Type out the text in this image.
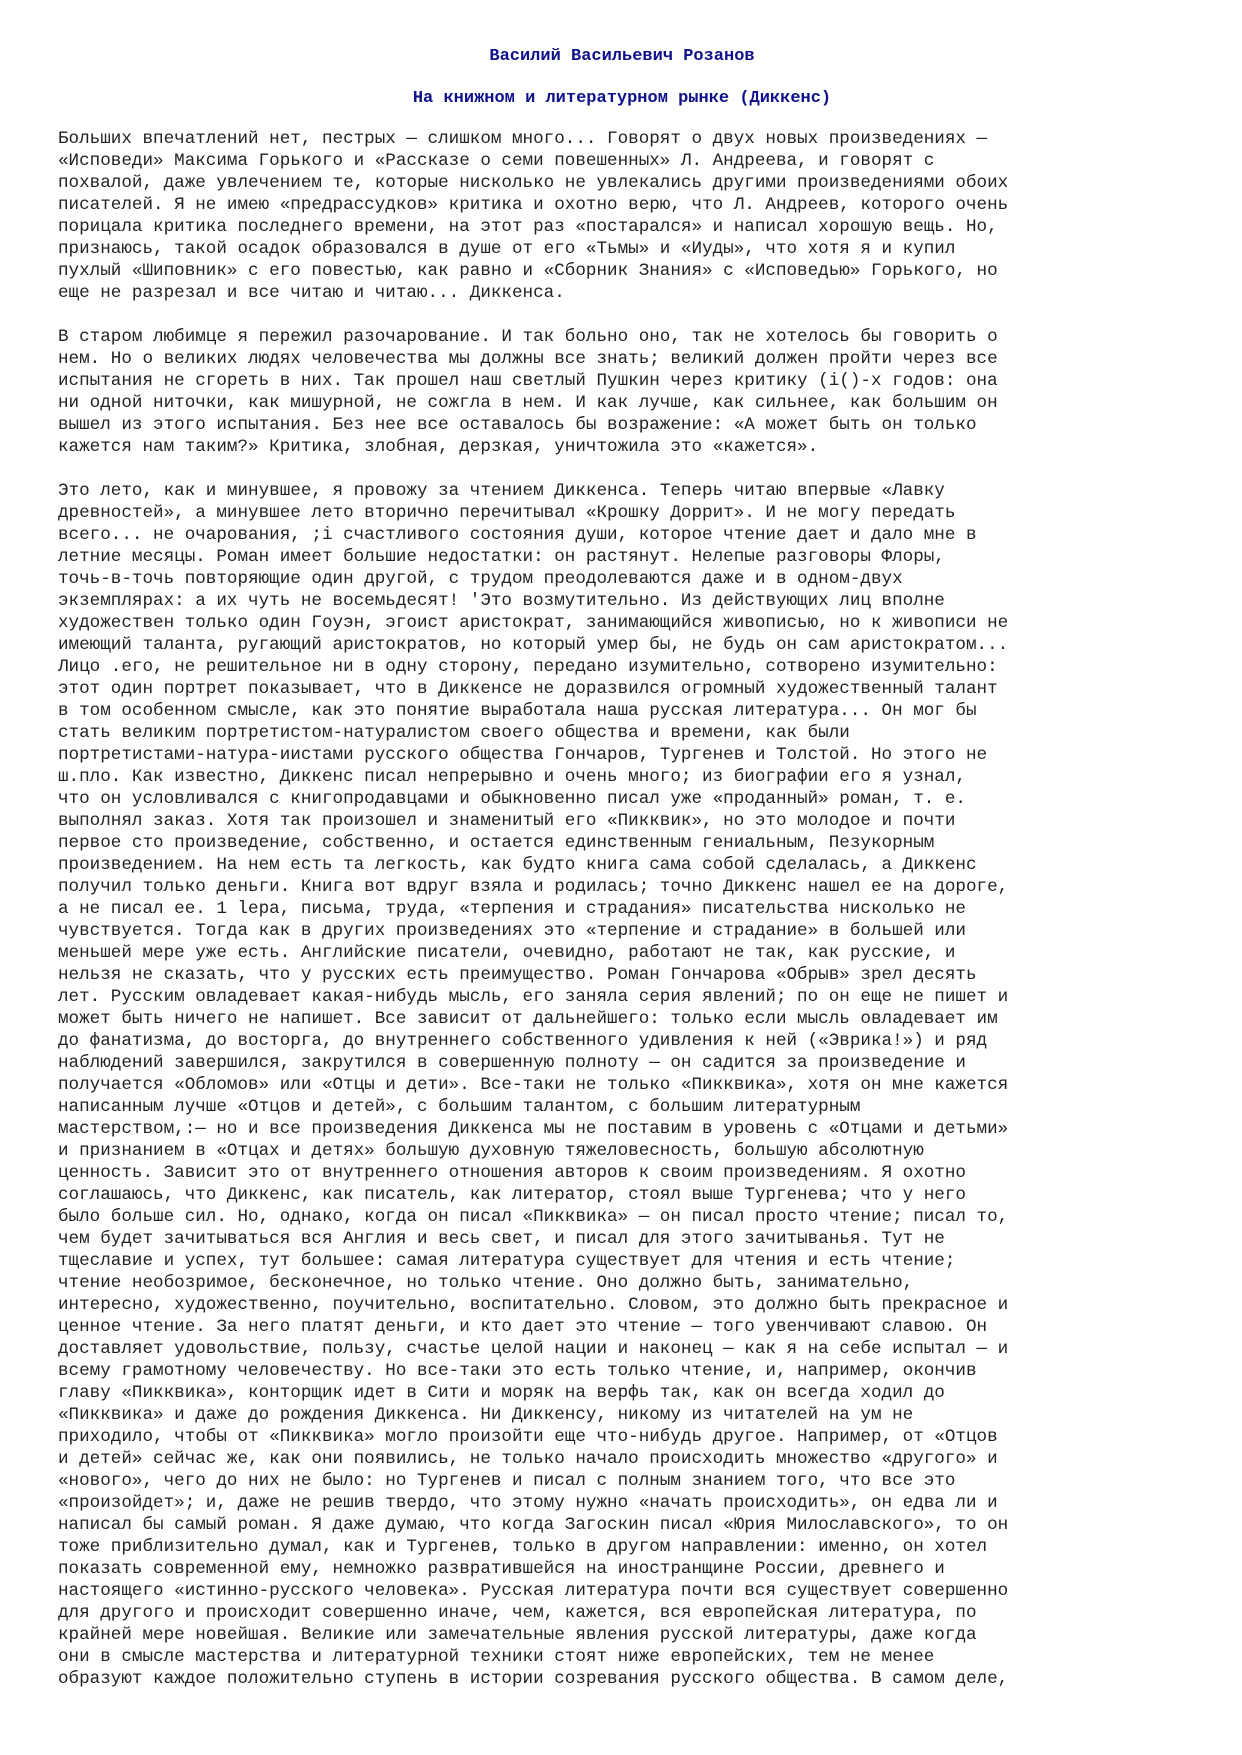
Василий Васильевич Розанов

На книжном и литературном рынке (Диккенс)

Больших впечатлений нет, пестрых — слишком много... Говорят о двух новых произведениях —
«Исповеди» Максима Горького и «Рассказе о семи повешенных» Л. Андреева, и говорят с
похвалой, даже увлечением те, которые нисколько не увлекались другими произведениями обоих
писателей. Я не имею «предрассудков» критика и охотно верю, что Л. Андреев, которого очень
порицала критика последнего времени, на этот раз «постарался» и написал хорошую вещь. Но,
признаюсь, такой осадок образовался в душе от его «Тьмы» и «Иуды», что хотя я и купил
пухлый «Шиповник» с его повестью, как равно и «Сборник Знания» с «Исповедью» Горького, но
еще не разрезал и все читаю и читаю... Диккенса.
В старом любимце я пережил разочарование. И так больно оно, так не хотелось бы говорить о
нем. Но о великих людях человечества мы должны все знать; великий должен пройти через все
испытания не сгореть в них. Так прошел наш светлый Пушкин через критику (i()-х годов: она
ни одной ниточки, как мишурной, не сожгла в нем. И как лучше, как сильнее, как большим он
вышел из этого испытания. Без нее все оставалось бы возражение: «А может быть он только
кажется нам таким?» Критика, злобная, дерзкая, уничтожила это «кажется».
Это лето, как и минувшее, я провожу за чтением Диккенса. Теперь читаю впервые «Лавку
древностей», а минувшее лето вторично перечитывал «Крошку Доррит». И не могу передать
всего... не очарования, ;i счастливого состояния души, которое чтение дает и дало мне в
летние месяцы. Роман имеет большие недостатки: он растянут. Нелепые разговоры Флоры,
точь-в-точь повторяющие один другой, с трудом преодолеваются даже и в одном-двух
экземплярах: а их чуть не восемьдесят! 'Это возмутительно. Из действующих лиц вполне
художествен только один Гоуэн, эгоист аристократ, занимающийся живописью, но к живописи не
имеющий таланта, ругающий аристократов, но который умер бы, не будь он сам аристократом...
Лицо .его, не решительное ни в одну сторону, передано изумительно, сотворено изумительно:
этот один портрет показывает, что в Диккенсе не доразвился огромный художественный талант
в том особенном смысле, как это понятие выработала наша русская литература... Он мог бы
стать великим портретистом-натуралистом своего общества и времени, как были
портретистами-натура-иистами русского общества Гончаров, Тургенев и Толстой. Но этого не
ш.пло. Как известно, Диккенс писал непрерывно и очень много; из биографии его я узнал,
что он условливался с книгопродавцами и обыкновенно писал уже «проданный» роман, т. е.
выполнял заказ. Хотя так произошел и знаменитый его «Пикквик», но это молодое и почти
первое сто произведение, собственно, и остается единственным гениальным, Пезукорным
произведением. На нем есть та легкость, как будто книга сама собой сделалась, а Диккенс
получил только деньги. Книга вот вдруг взяла и родилась; точно Диккенс нашел ее на дороге,
а не писал ее. 1 lepa, письма, труда, «терпения и страдания» писательства нисколько не
чувствуется. Тогда как в других произведениях это «терпение и страдание» в большей или
меньшей мере уже есть. Английские писатели, очевидно, работают не так, как русские, и
нельзя не сказать, что у русских есть преимущество. Роман Гончарова «Обрыв» зрел десять
лет. Русским овладевает какая-нибудь мысль, его заняла серия явлений; по он еще не пишет и
может быть ничего не напишет. Все зависит от дальнейшего: только если мысль овладевает им
до фанатизма, до восторга, до внутреннего собственного удивления к ней («Эврика!») и ряд
наблюдений завершился, закрутился в совершенную полноту — он садится за произведение и
получается «Обломов» или «Отцы и дети». Все-таки не только «Пикквика», хотя он мне кажется
написанным лучше «Отцов и детей», с большим талантом, с большим литературным
мастерством,:— но и все произведения Диккенса мы не поставим в уровень с «Отцами и детьми»
и признанием в «Отцах и детях» большую духовную тяжеловесность, большую абсолютную
ценность. Зависит это от внутреннего отношения авторов к своим произведениям. Я охотно
соглашаюсь, что Диккенс, как писатель, как литератор, стоял выше Тургенева; что у него
было больше сил. Но, однако, когда он писал «Пикквика» — он писал просто чтение; писал то,
чем будет зачитываться вся Англия и весь свет, и писал для этого зачитыванья. Тут не
тщеславие и успех, тут большее: самая литература существует для чтения и есть чтение;
чтение необозримое, бесконечное, но только чтение. Оно должно быть, занимательно,
интересно, художественно, поучительно, воспитательно. Словом, это должно быть прекрасное и
ценное чтение. За него платят деньги, и кто дает это чтение — того увенчивают славою. Он
доставляет удовольствие, пользу, счастье целой нации и наконец — как я на себе испытал — и
всему грамотному человечеству. Но все-таки это есть только чтение, и, например, окончив
главу «Пикквика», конторщик идет в Сити и моряк на верфь так, как он всегда ходил до
«Пикквика» и даже до рождения Диккенса. Ни Диккенсу, никому из читателей на ум не
приходило, чтобы от «Пикквика» могло произойти еще что-нибудь другое. Например, от «Отцов
и детей» сейчас же, как они появились, не только начало происходить множество «другого» и
«нового», чего до них не было: но Тургенев и писал с полным знанием того, что все это
«произойдет»; и, даже не решив твердо, что этому нужно «начать происходить», он едва ли и
написал бы самый роман. Я даже думаю, что когда Загоскин писал «Юрия Милославского», то он
тоже приблизительно думал, как и Тургенев, только в другом направлении: именно, он хотел
показать современной ему, немножко развратившейся на иностранщине России, древнего и
настоящего «истинно-русского человека». Русская литература почти вся существует совершенно
для другого и происходит совершенно иначе, чем, кажется, вся европейская литература, по
крайней мере новейшая. Великие или замечательные явления русской литературы, даже когда
они в смысле мастерства и литературной техники стоят ниже европейских, тем не менее
образуют каждое положительно ступень в истории созревания русского общества. В самом деле,
